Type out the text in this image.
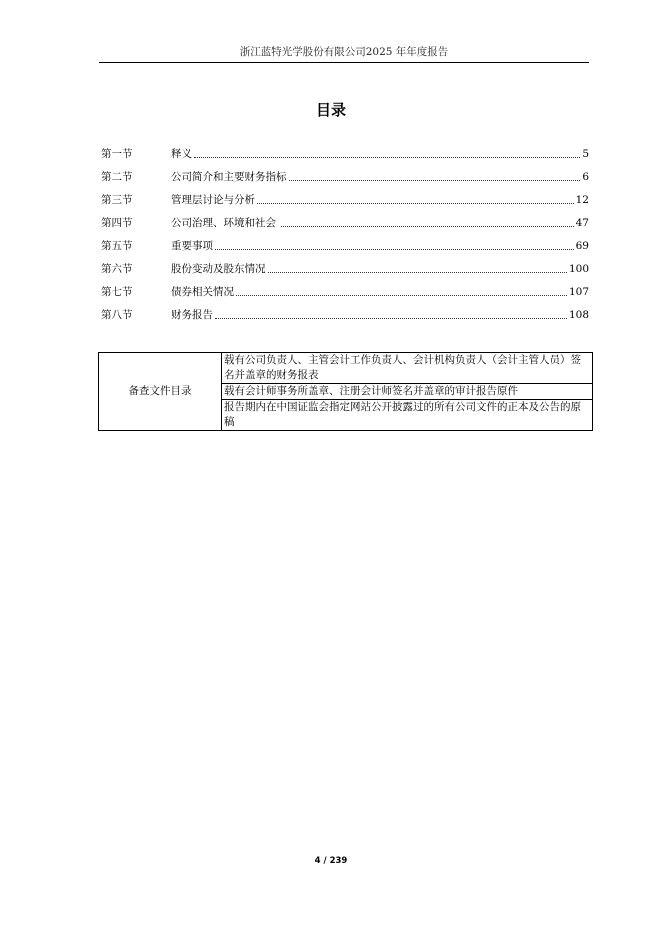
浙江蓝特光学股份有限公司2025 年年度报告
目录
第一节	释义	5
第二节	公司简介和主要财务指标	6
第三节	管理层讨论与分析	12
第四节	公司治理、环境和社会	47
第五节	重要事项	69
第六节	股份变动及股东情况	100
第七节	债券相关情况	107
第八节	财务报告	108
备查文件目录	载有公司负责人、主管会计工作负责人、会计机构负责人（会计主管人员）签名并盖章的财务报表
载有会计师事务所盖章、注册会计师签名并盖章的审计报告原件
报告期内在中国证监会指定网站公开披露过的所有公司文件的正本及公告的原稿
4 / 239
